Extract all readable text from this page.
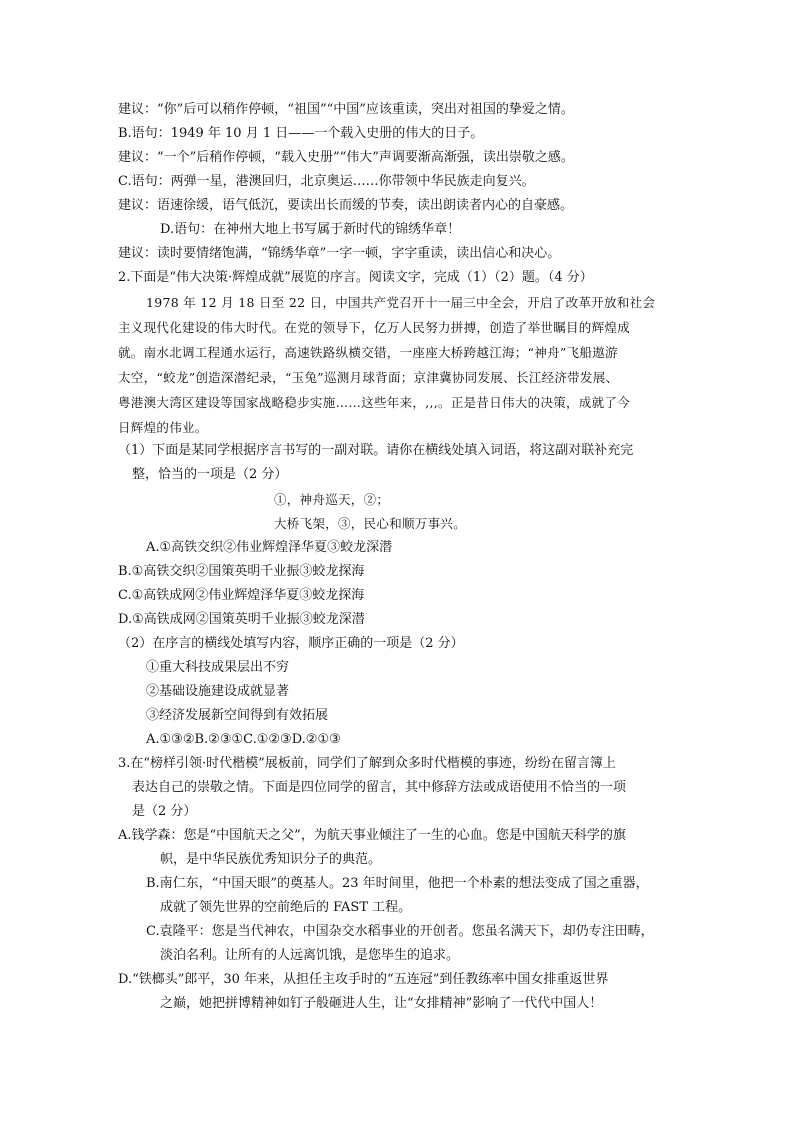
建议：“你”后可以稍作停顿，“祖国”“中国”应该重读，突出对祖国的挚爱之情。
B.语句：1949 年 10 月 1 日——一个载入史册的伟大的日子。
建议：“一个”后稍作停顿，“载入史册”“伟大”声调要渐高渐强，读出崇敬之感。
C.语句：两弹一星，港澳回归，北京奥运……你带领中华民族走向复兴。
建议：语速徐缓，语气低沉，要读出长而缓的节奏，读出朗读者内心的自豪感。
D.语句：在神州大地上书写属于新时代的锦绣华章！
建议：读时要情绪饱满，“锦绣华章”一字一顿，字字重读，读出信心和决心。
2.下面是“伟大决策·辉煌成就”展览的序言。阅读文字，完成（1）（2）题。（4 分）
1978 年 12 月 18 日至 22 日，中国共产党召开十一届三中全会，开启了改革开放和社会
主义现代化建设的伟大时代。在党的领导下，亿万人民努力拼搏，创造了举世瞩目的辉煌成
就。南水北调工程通水运行，高速铁路纵横交错，一座座大桥跨越江海；“神舟”飞船遨游
太空，“蛟龙”创造深潜纪录，“玉兔”巡测月球背面；京津冀协同发展、长江经济带发展、
粤港澳大湾区建设等国家战略稳步实施……这些年来，,,,。正是昔日伟大的决策，成就了今
日辉煌的伟业。
（1）下面是某同学根据序言书写的一副对联。请你在横线处填入词语，将这副对联补充完
整，恰当的一项是（2 分）
①，神舟巡天，②；
大桥飞架，③，民心和顺万事兴。
A.①高铁交织②伟业辉煌泽华夏③蛟龙深潜
B.①高铁交织②国策英明千业振③蛟龙探海
C.①高铁成网②伟业辉煌泽华夏③蛟龙探海
D.①高铁成网②国策英明千业振③蛟龙深潜
（2）在序言的横线处填写内容，顺序正确的一项是（2 分）
①重大科技成果层出不穷
②基础设施建设成就显著
③经济发展新空间得到有效拓展
A.①③②B.②③①C.①②③D.②①③
3.在“榜样引领·时代楷模”展板前，同学们了解到众多时代楷模的事迹，纷纷在留言簿上
表达自己的崇敬之情。下面是四位同学的留言，其中修辞方法或成语使用不恰当的一项
是（2 分）
A.钱学森：您是“中国航天之父”，为航天事业倾注了一生的心血。您是中国航天科学的旗
帜，是中华民族优秀知识分子的典范。
B.南仁东，“中国天眼”的奠基人。23 年时间里，他把一个朴素的想法变成了国之重器，
成就了领先世界的空前绝后的 FAST 工程。
C.袁隆平：您是当代神农，中国杂交水稻事业的开创者。您虽名满天下，却仍专注田畴，
淡泊名利。让所有的人远离饥饿，是您毕生的追求。
D.“铁榔头”郎平，30 年来，从担任主攻手时的“五连冠”到任教练率中国女排重返世界
之巅，她把拼博精神如钉子般砸进人生，让“女排精神”影响了一代代中国人！
